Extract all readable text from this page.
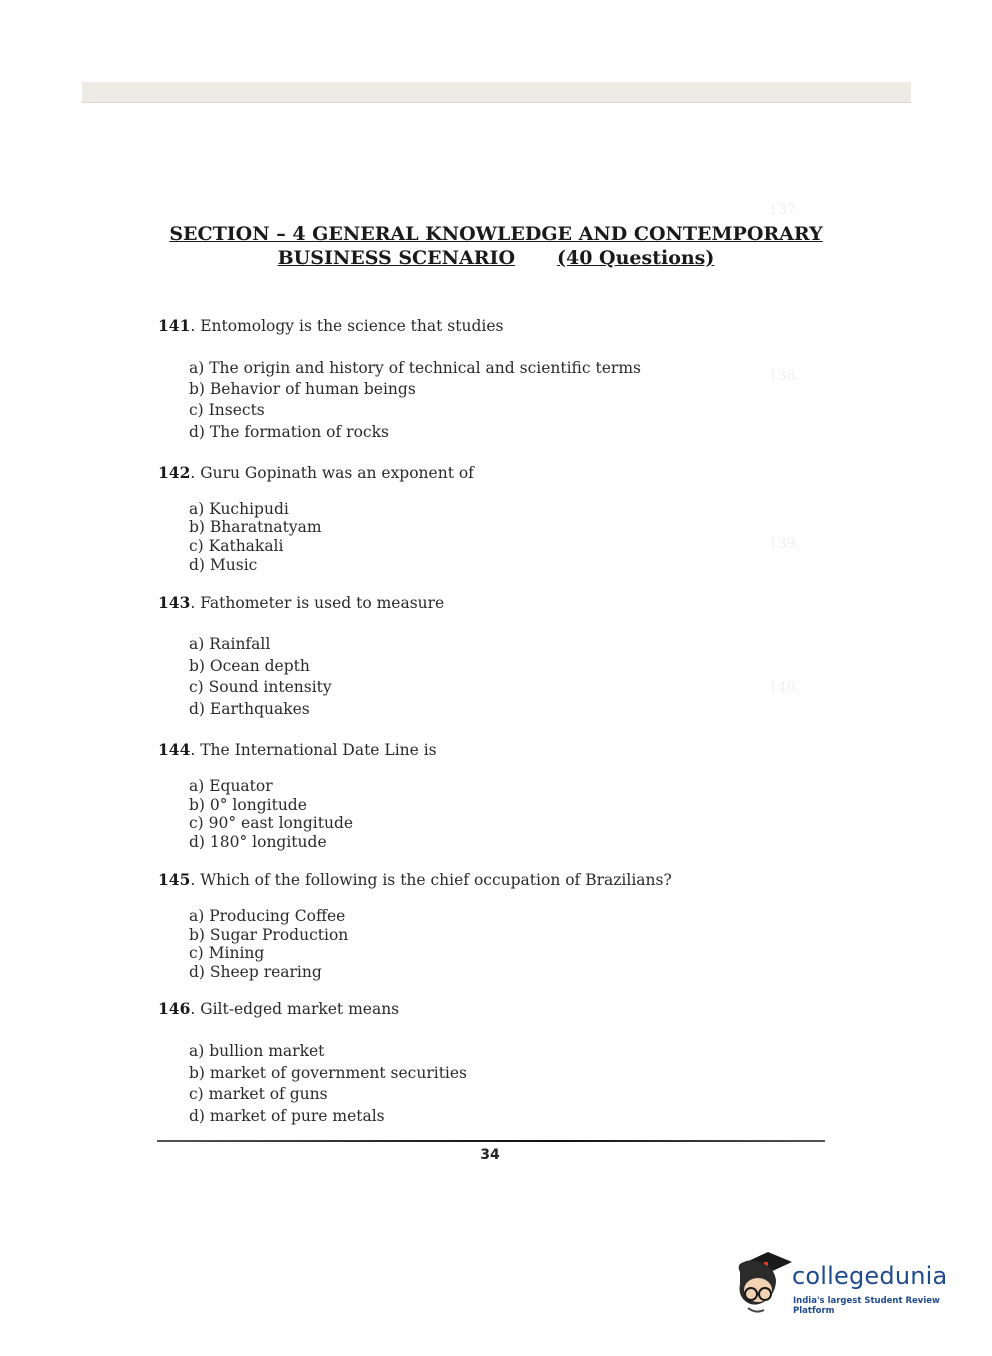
137.
138.
139.
140.
SECTION – 4 GENERAL KNOWLEDGE AND CONTEMPORARY
BUSINESS SCENARIO (40 Questions)
141. Entomology is the science that studies
a) The origin and history of technical and scientific terms
b) Behavior of human beings
c) Insects
d) The formation of rocks
142. Guru Gopinath was an exponent of
a) Kuchipudi
b) Bharatnatyam
c) Kathakali
d) Music
143. Fathometer is used to measure
a) Rainfall
b) Ocean depth
c) Sound intensity
d) Earthquakes
144. The International Date Line is
a) Equator
b) 0° longitude
c) 90° east longitude
d) 180° longitude
145. Which of the following is the chief occupation of Brazilians?
a) Producing Coffee
b) Sugar Production
c) Mining
d) Sheep rearing
146. Gilt-edged market means
a) bullion market
b) market of government securities
c) market of guns
d) market of pure metals
34
collegedunia
India's largest Student Review Platform
